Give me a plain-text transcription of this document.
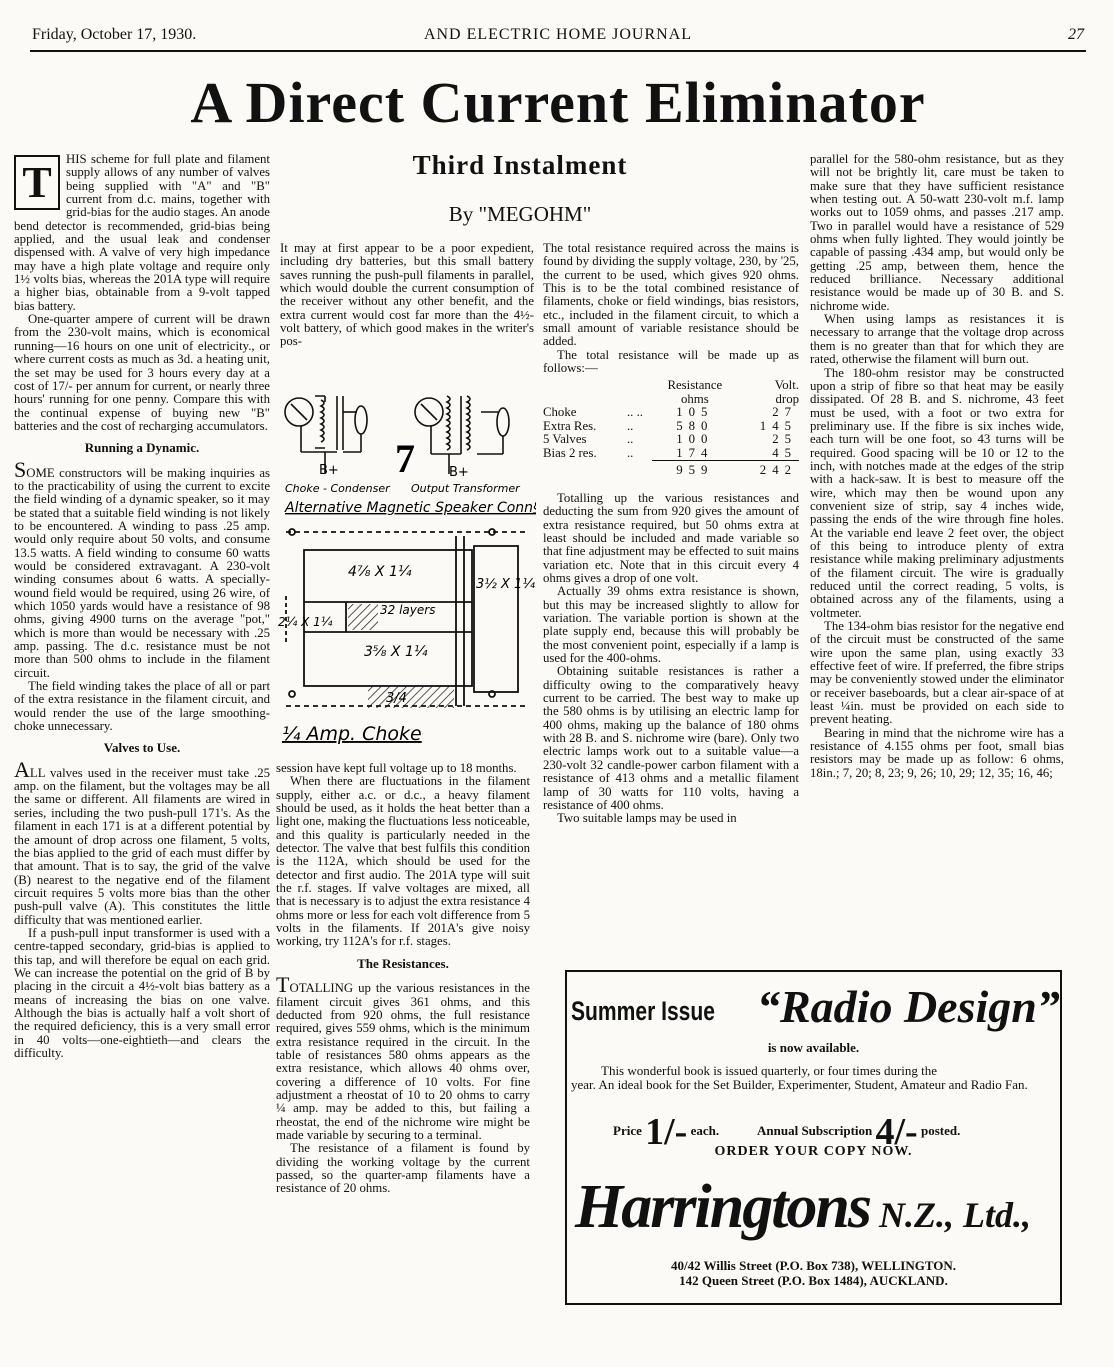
Friday, October 17, 1930.	AND ELECTRIC HOME JOURNAL	27
A Direct Current Eliminator
Third Instalment
By "MEGOHM"

T	HIS scheme for full plate and filament supply allows of any number of valves being supplied with "A" and "B" current from d.c. mains, together with grid-bias for the audio stages. An anode bend detector is recommended, grid-bias being applied, and the usual leak and condenser dispensed with. A valve of very high impedance may have a high plate voltage and require only 1½ volts bias, whereas the 201A type will require a higher bias, obtainable from a 9-volt tapped bias battery.

One-quarter ampere of current will be drawn from the 230-volt mains, which is economical running—16 hours on one unit of electricity., or where current costs as much as 3d. a heating unit, the set may be used for 3 hours every day at a cost of 17/- per annum for current, or nearly three hours' running for one penny. Compare this with the continual expense of buying new "B" batteries and the cost of recharging accumulators.

Running a Dynamic.

SOME constructors will be making inquiries as to the practicability of using the current to excite the field winding of a dynamic speaker, so it may be stated that a suitable field winding is not likely to be encountered. A winding to pass .25 amp. would only require about 50 volts, and consume 13.5 watts. A field winding to consume 60 watts would be considered extravagant. A 230-volt winding consumes about 6 watts. A specially-wound field would be required, using 26 wire, of which 1050 yards would have a resistance of 98 ohms, giving 4900 turns on the average "pot," which is more than would be necessary with .25 amp. passing. The d.c. resistance must be not more than 500 ohms to include in the filament circuit.

The field winding takes the place of all or part of the extra resistance in the filament circuit, and would render the use of the large smoothing-choke unnecessary.

Valves to Use.

ALL valves used in the receiver must take .25 amp. on the filament, but the voltages may be all the same or different. All filaments are wired in series, including the two push-pull 171's. As the filament in each 171 is at a different potential by the amount of drop across one filament, 5 volts, the bias applied to the grid of each must differ by that amount. That is to say, the grid of the valve (B) nearest to the negative end of the filament circuit requires 5 volts more bias than the other push-pull valve (A). This constitutes the little difficulty that was mentioned earlier.

If a push-pull input transformer is used with a centre-tapped secondary, grid-bias is applied to this tap, and will therefore be equal on each grid. We can increase the potential on the grid of B by placing in the circuit a 4½-volt bias battery as a means of increasing the bias on one valve. Although the bias is actually half a volt short of the required deficiency, this is a very small error in 40 volts—one-eightieth—and clears the difficulty.

It may at first appear to be a poor expedient, including dry batteries, but this small battery saves running the push-pull filaments in parallel, which would double the current consumption of the receiver without any other benefit, and the extra current would cost far more than the 4½-volt battery, of which good makes in the writer's pos-

B+	B+
7
Choke - Condenser Output Transformer
Alternative Magnetic Speaker Conn§
4⅞ X 1¼
3½ X 1¼
2¼ X 1¼
32 layers
3⅝ X 1¼
3/4
¼ Amp. Choke

session have kept full voltage up to 18 months.

When there are fluctuations in the filament supply, either a.c. or d.c., a heavy filament should be used, as it holds the heat better than a light one, making the fluctuations less noticeable, and this quality is particularly needed in the detector. The valve that best fulfils this condition is the 112A, which should be used for the detector and first audio. The 201A type will suit the r.f. stages. If valve voltages are mixed, all that is necessary is to adjust the extra resistance 4 ohms more or less for each volt difference from 5 volts in the filaments. If 201A's give noisy working, try 112A's for r.f. stages.

The Resistances.

TOTALLING up the various resistances in the filament circuit gives 361 ohms, and this deducted from 920 ohms, the full resistance required, gives 559 ohms, which is the minimum extra resistance required in the circuit. In the table of resistances 580 ohms appears as the extra resistance, which allows 40 ohms over, covering a difference of 10 volts. For fine adjustment a rheostat of 10 to 20 ohms to carry ¼ amp. may be added to this, but failing a rheostat, the end of the nichrome wire might be made variable by securing to a terminal.

The resistance of a filament is found by dividing the working voltage by the current passed, so the quarter-amp filaments have a resistance of 20 ohms.

The total resistance required across the mains is found by dividing the supply voltage, 230, by '25, the current to be used, which gives 920 ohms. This is to be the total combined resistance of filaments, choke or field windings, bias resistors, etc., included in the filament circuit, to which a small amount of variable resistance should be added.

The total resistance will be made up as follows:—

		Resistance	Volt.
		ohms	drop
Choke	.. ..	105	27
Extra Res.	..	580	145
5 Valves	..	100	25
Bias 2 res.	..	174	45
		959	242

Totalling up the various resistances and deducting the sum from 920 gives the amount of extra resistance required, but 50 ohms extra at least should be included and made variable so that fine adjustment may be effected to suit mains variation etc. Note that in this circuit every 4 ohms gives a drop of one volt.

Actually 39 ohms extra resistance is shown, but this may be increased slightly to allow for variation. The variable portion is shown at the plate supply end, because this will probably be the most convenient point, especially if a lamp is used for the 400-ohms.

Obtaining suitable resistances is rather a difficulty owing to the comparatively heavy current to be carried. The best way to make up the 580 ohms is by utilising an electric lamp for 400 ohms, making up the balance of 180 ohms with 28 B. and S. nichrome wire (bare). Only two electric lamps work out to a suitable value—a 230-volt 32 candle-power carbon filament with a resistance of 413 ohms and a metallic filament lamp of 30 watts for 110 volts, having a resistance of 400 ohms.

Two suitable lamps may be used in

parallel for the 580-ohm resistance, but as they will not be brightly lit, care must be taken to make sure that they have sufficient resistance when testing out. A 50-watt 230-volt m.f. lamp works out to 1059 ohms, and passes .217 amp. Two in parallel would have a resistance of 529 ohms when fully lighted. They would jointly be capable of passing .434 amp, but would only be getting .25 amp, between them, hence the reduced brilliance. Necessary additional resistance would be made up of 30 B. and S. nichrome wide.

When using lamps as resistances it is necessary to arrange that the voltage drop across them is no greater than that for which they are rated, otherwise the filament will burn out.

The 180-ohm resistor may be constructed upon a strip of fibre so that heat may be easily dissipated. Of 28 B. and S. nichrome, 43 feet must be used, with a foot or two extra for preliminary use. If the fibre is six inches wide, each turn will be one foot, so 43 turns will be required. Good spacing will be 10 or 12 to the inch, with notches made at the edges of the strip with a hack-saw. It is best to measure off the wire, which may then be wound upon any convenient size of strip, say 4 inches wide, passing the ends of the wire through fine holes. At the variable end leave 2 feet over, the object of this being to introduce plenty of extra resistance while making preliminary adjustments of the filament circuit. The wire is gradually reduced until the correct reading, 5 volts, is obtained across any of the filaments, using a voltmeter.

The 134-ohm bias resistor for the negative end of the circuit must be constructed of the same wire upon the same plan, using exactly 33 effective feet of wire. If preferred, the fibre strips may be conveniently stowed under the eliminator or receiver baseboards, but a clear air-space of at least ¼in. must be provided on each side to prevent heating.

Bearing in mind that the nichrome wire has a resistance of 4.155 ohms per foot, small bias resistors may be made up as follow: 6 ohms, 18in.; 7, 20; 8, 23; 9, 26; 10, 29; 12, 35; 16, 46;

Summer Issue “Radio Design”
is now available.
This wonderful book is issued quarterly, or four times during the
year. An ideal book for the Set Builder, Experimenter, Student, Amateur and Radio Fan.
Price 1/- each.	Annual Subscription 4/- posted.
ORDER YOUR COPY NOW.
Harringtons N.Z., Ltd.,
40/42 Willis Street (P.O. Box 738), WELLINGTON.
142 Queen Street (P.O. Box 1484), AUCKLAND.
